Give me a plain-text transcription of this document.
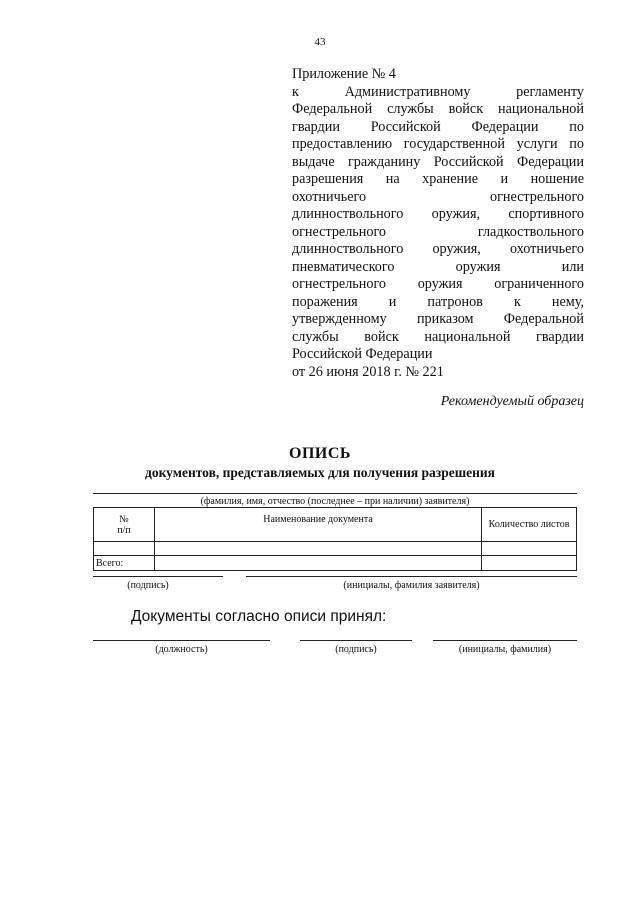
43
Приложение № 4
к Административному регламенту
Федеральной службы войск национальной
гвардии Российской Федерации по
предоставлению государственной услуги по
выдаче гражданину Российской Федерации
разрешения на хранение и ношение
охотничьего огнестрельного
длинноствольного оружия, спортивного
огнестрельного гладкоствольного
длинноствольного оружия, охотничьего
пневматического оружия или
огнестрельного оружия ограниченного
поражения и патронов к нему,
утвержденному приказом Федеральной
службы войск национальной гвардии
Российской Федерации
от 26 июня 2018 г. № 221
Рекомендуемый образец
ОПИСЬ
документов, представляемых для получения разрешения
(фамилия, имя, отчество (последнее – при наличии) заявителя)
№
п/п	Наименование документа	Количество листов

Всего:		
(подпись)	(инициалы, фамилия заявителя)
Документы согласно описи принял:
(должность)	(подпись)	(инициалы, фамилия)
